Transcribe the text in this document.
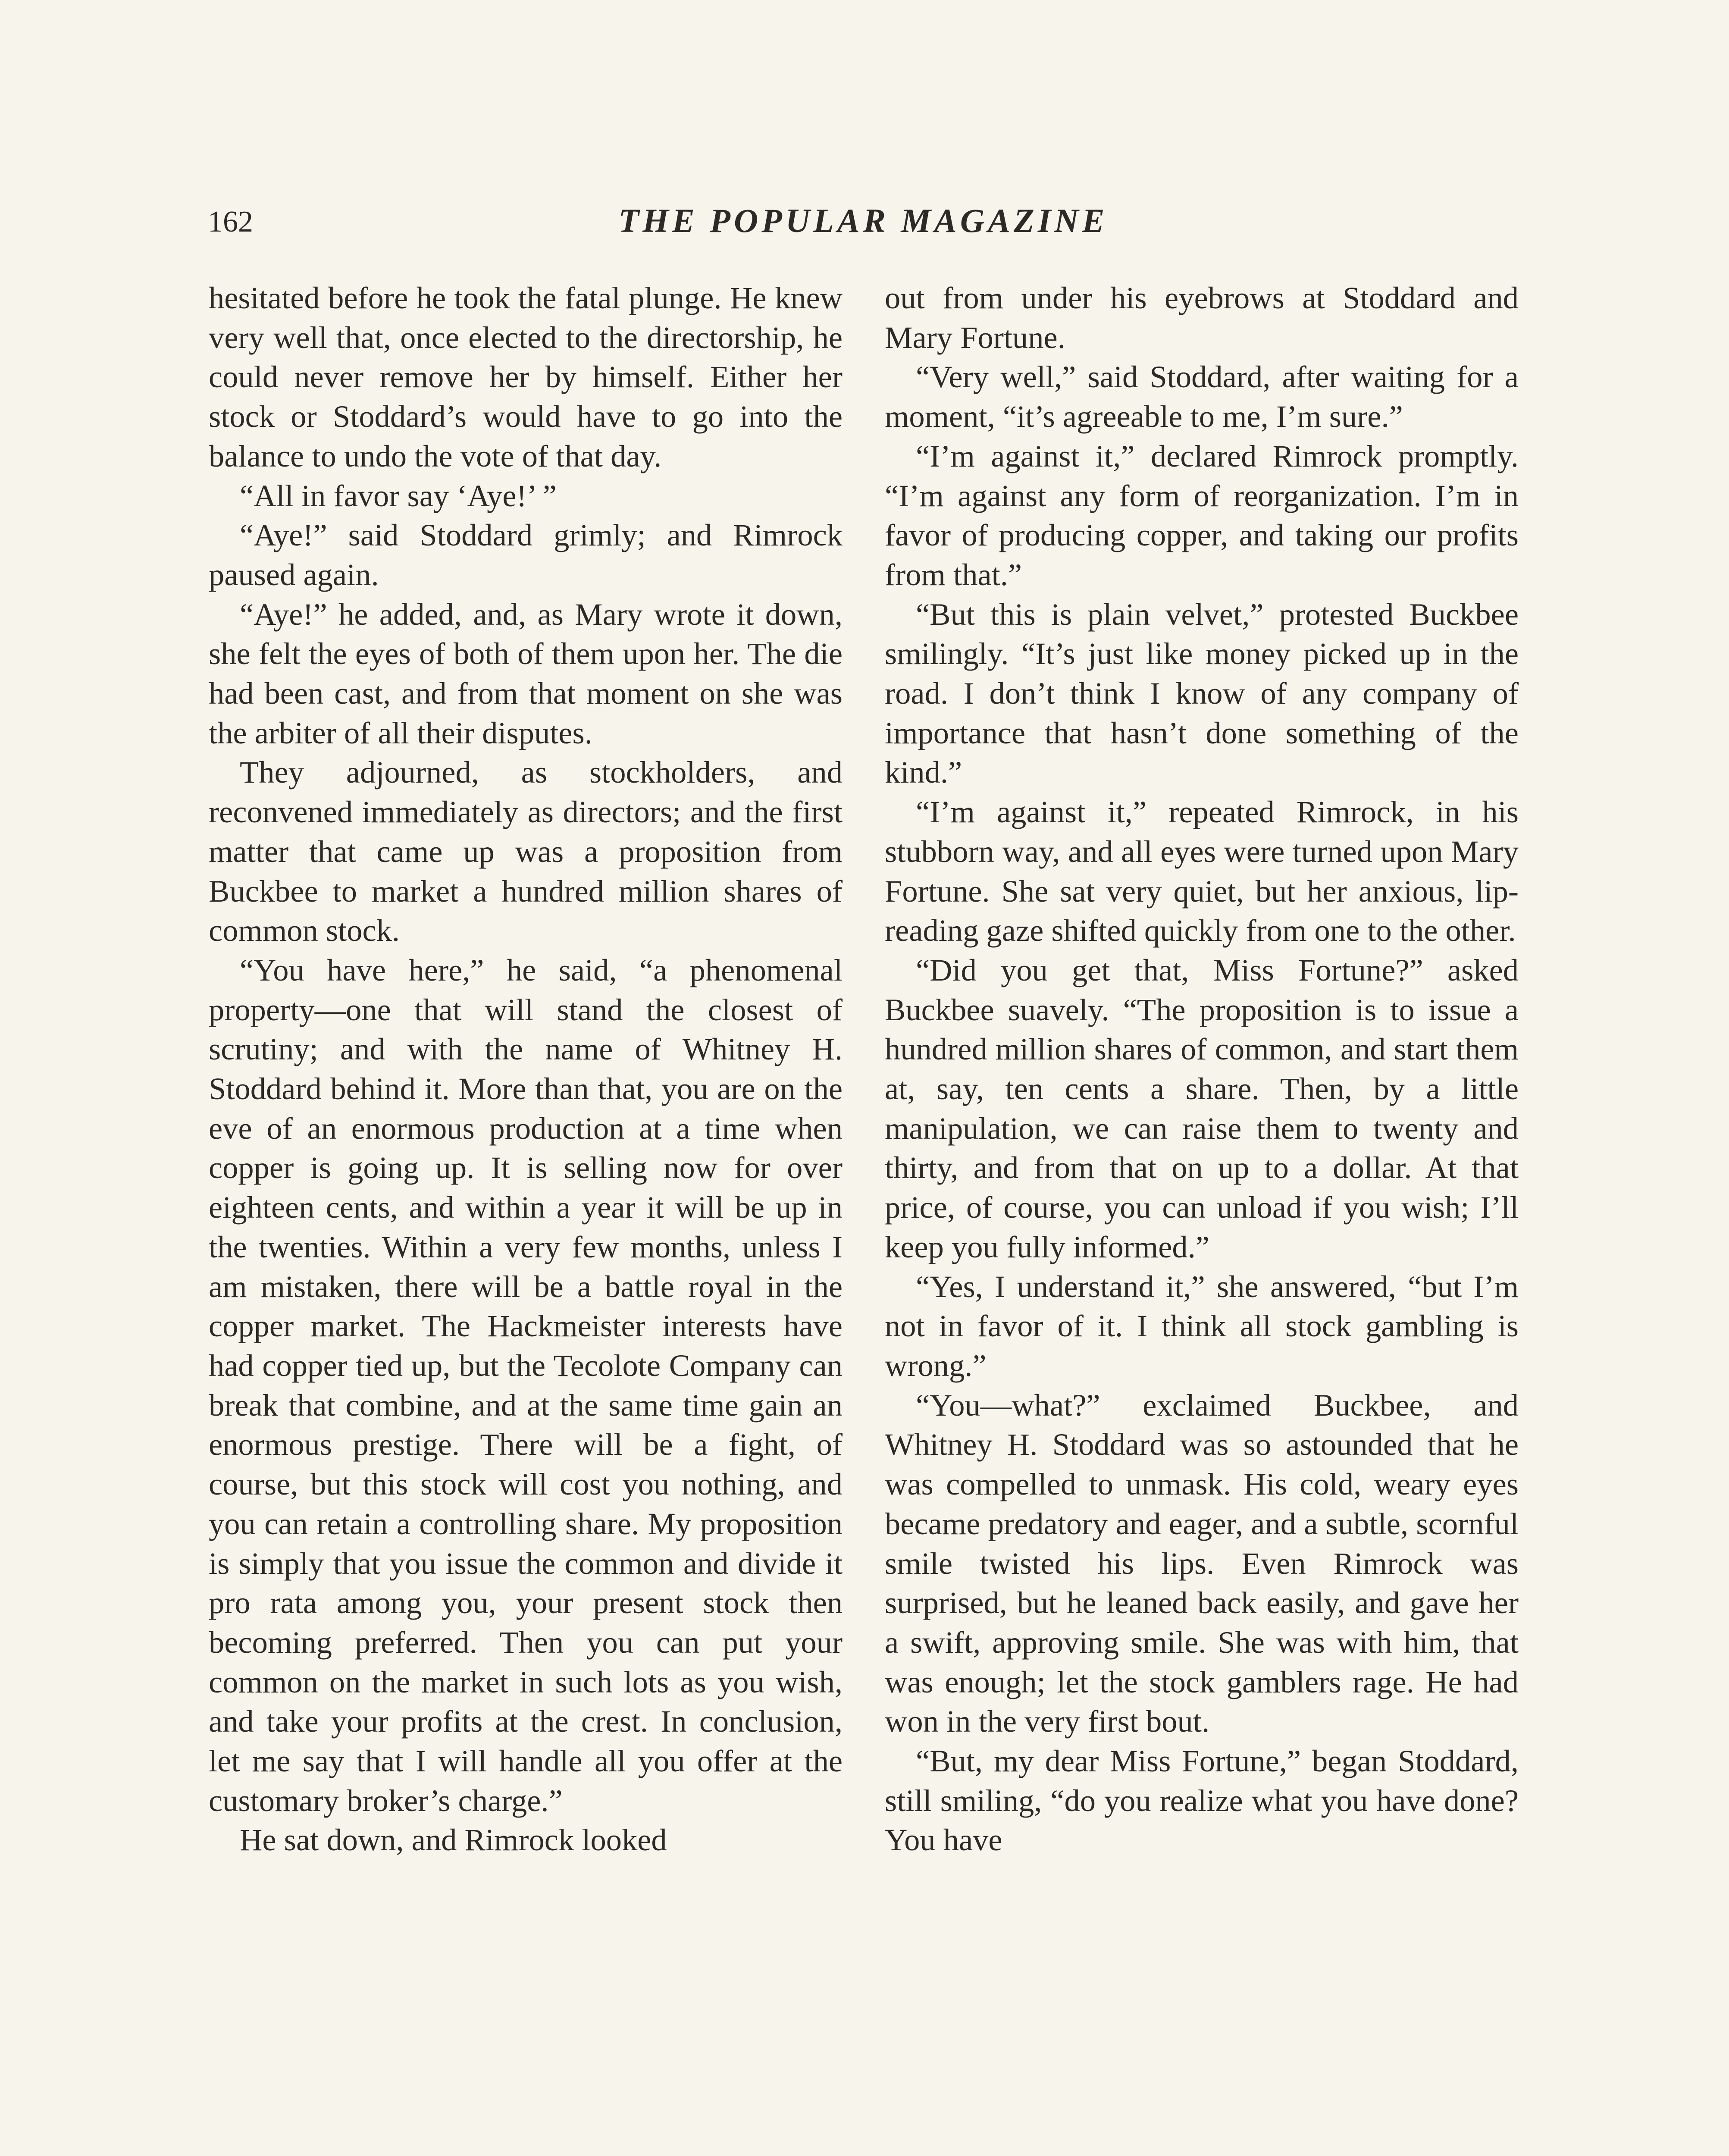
162	THE POPULAR MAGAZINE

hesitated before he took the fatal plunge. He knew very well that, once elected to the directorship, he could never remove her by himself. Either her stock or Stoddard’s would have to go into the balance to undo the vote of that day.

“All in favor say ‘Aye!’ ”

“Aye!” said Stoddard grimly; and Rimrock paused again.

“Aye!” he added, and, as Mary wrote it down, she felt the eyes of both of them upon her. The die had been cast, and from that moment on she was the arbiter of all their disputes.

They adjourned, as stockholders, and reconvened immediately as directors; and the first matter that came up was a proposition from Buckbee to market a hundred million shares of common stock.

“You have here,” he said, “a phenomenal property—one that will stand the closest of scrutiny; and with the name of Whitney H. Stoddard behind it. More than that, you are on the eve of an enormous production at a time when copper is going up. It is selling now for over eighteen cents, and within a year it will be up in the twenties. Within a very few months, unless I am mistaken, there will be a battle royal in the copper market. The Hackmeister interests have had copper tied up, but the Tecolote Company can break that combine, and at the same time gain an enormous prestige. There will be a fight, of course, but this stock will cost you nothing, and you can retain a controlling share. My proposition is simply that you issue the common and divide it pro rata among you, your present stock then becoming preferred. Then you can put your common on the market in such lots as you wish, and take your profits at the crest. In conclusion, let me say that I will handle all you offer at the customary broker’s charge.”

He sat down, and Rimrock looked

out from under his eyebrows at Stoddard and Mary Fortune.

“Very well,” said Stoddard, after waiting for a moment, “it’s agreeable to me, I’m sure.”

“I’m against it,” declared Rimrock promptly. “I’m against any form of reorganization. I’m in favor of producing copper, and taking our profits from that.”

“But this is plain velvet,” protested Buckbee smilingly. “It’s just like money picked up in the road. I don’t think I know of any company of importance that hasn’t done something of the kind.”

“I’m against it,” repeated Rimrock, in his stubborn way, and all eyes were turned upon Mary Fortune. She sat very quiet, but her anxious, lip-reading gaze shifted quickly from one to the other.

“Did you get that, Miss Fortune?” asked Buckbee suavely. “The proposition is to issue a hundred million shares of common, and start them at, say, ten cents a share. Then, by a little manipulation, we can raise them to twenty and thirty, and from that on up to a dollar. At that price, of course, you can unload if you wish; I’ll keep you fully informed.”

“Yes, I understand it,” she answered, “but I’m not in favor of it. I think all stock gambling is wrong.”

“You—what?” exclaimed Buckbee, and Whitney H. Stoddard was so astounded that he was compelled to unmask. His cold, weary eyes became predatory and eager, and a subtle, scornful smile twisted his lips. Even Rimrock was surprised, but he leaned back easily, and gave her a swift, approving smile. She was with him, that was enough; let the stock gamblers rage. He had won in the very first bout.

“But, my dear Miss Fortune,” began Stoddard, still smiling, “do you realize what you have done? You have
